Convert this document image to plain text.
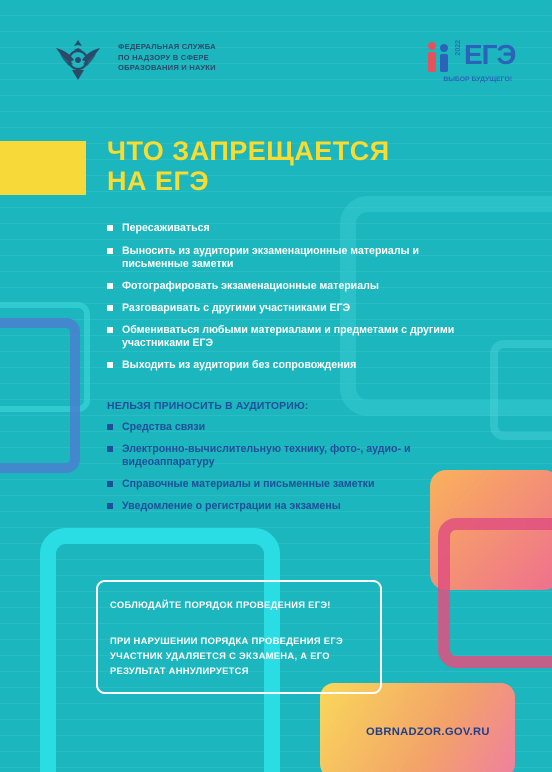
ФЕДЕРАЛЬНАЯ СЛУЖБА
ПО НАДЗОРУ В СФЕРЕ
ОБРАЗОВАНИЯ И НАУКИ
2022 ЕГЭ
ВЫБОР БУДУЩЕГО!
ЧТО ЗАПРЕЩАЕТСЯ
НА ЕГЭ
Пересаживаться
Выносить из аудитории экзаменационные материалы и письменные заметки
Фотографировать экзаменационные материалы
Разговаривать с другими участниками ЕГЭ
Обмениваться любыми материалами и предметами с другими участниками ЕГЭ
Выходить из аудитории без сопровождения
НЕЛЬЗЯ ПРИНОСИТЬ В АУДИТОРИЮ:
Средства связи
Электронно-вычислительную технику, фото-, аудио- и видеоаппаратуру
Справочные материалы и письменные заметки
Уведомление о регистрации на экзамены
СОБЛЮДАЙТЕ ПОРЯДОК ПРОВЕДЕНИЯ ЕГЭ!
ПРИ НАРУШЕНИИ ПОРЯДКА ПРОВЕДЕНИЯ ЕГЭ УЧАСТНИК УДАЛЯЕТСЯ С ЭКЗАМЕНА, А ЕГО РЕЗУЛЬТАТ АННУЛИРУЕТСЯ
OBRNADZOR.GOV.RU
